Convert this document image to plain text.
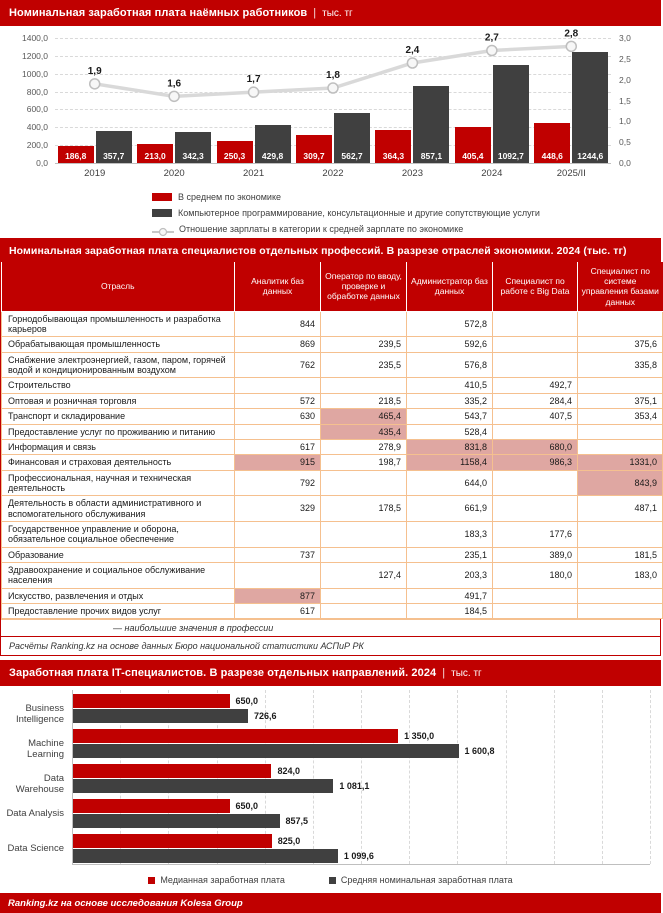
Номинальная заработная плата наёмных работников | тыс. тг
0,0
200,0
400,0
600,0
800,0
1000,0
1200,0
1400,0
0,0
0,5
1,0
1,5
2,0
2,5
3,0
186,8	357,7
2019
213,0	342,3
2020
250,3	429,8
2021
309,7	562,7
2022
364,3	857,1
2023
405,4	1092,7
2024
448,6	1244,6
2025/II
1,9
1,6	1,7	1,8
2,4
2,7	2,8
В среднем по экономике
Компьютерное программирование, консультационные и другие сопутствующие услуги
Отношение зарплаты в категории к средней зарплате по экономике
Номинальная заработная плата специалистов отдельных профессий. В разрезе отраслей экономики. 2024 (тыс. тг)
Отрасль	Аналитик баз данных	Оператор по вводу, проверке и обработке данных	Администратор баз данных	Специалист по работе с Big Data	Специалист по системе управления базами данных
Горнодобывающая промышленность и разработка карьеров	844		572,8		
Обрабатывающая промышленность	869	239,5	592,6		375,6
Снабжение электроэнергией, газом, паром, горячей водой и кондиционированным воздухом	762	235,5	576,8		335,8
Строительство			410,5	492,7	
Оптовая и розничная торговля	572	218,5	335,2	284,4	375,1
Транспорт и складирование	630	465,4	543,7	407,5	353,4
Предоставление услуг по проживанию и питанию		435,4	528,4		
Информация и связь	617	278,9	831,8	680,0	
Финансовая и страховая деятельность	915	198,7	1158,4	986,3	1331,0
Профессиональная, научная и техническая деятельность	792		644,0		843,9
Деятельность в области административного и вспомогательного обслуживания	329	178,5	661,9		487,1
Государственное управление и оборона, обязательное социальное обеспечение			183,3	177,6	
Образование	737		235,1	389,0	181,5
Здравоохранение и социальное обслуживание населения		127,4	203,3	180,0	183,0
Искусство, развлечения и отдых	877		491,7		
Предоставление прочих видов услуг	617		184,5		
— наибольшие значения в профессии
Расчёты Ranking.kz на основе данных Бюро национальной статистики АСПиР РК
Заработная плата IT-специалистов. В разрезе отдельных направлений. 2024 | тыс. тг
Business Intelligence
650,0
726,6
Machine Learning
1 350,0
1 600,8
Data Warehouse
824,0
1 081,1
Data Analysis
650,0
857,5
Data Science
825,0
1 099,6
Медианная заработная плата	Средняя номинальная заработная плата
Ranking.kz на основе исследования Kolesa Group
